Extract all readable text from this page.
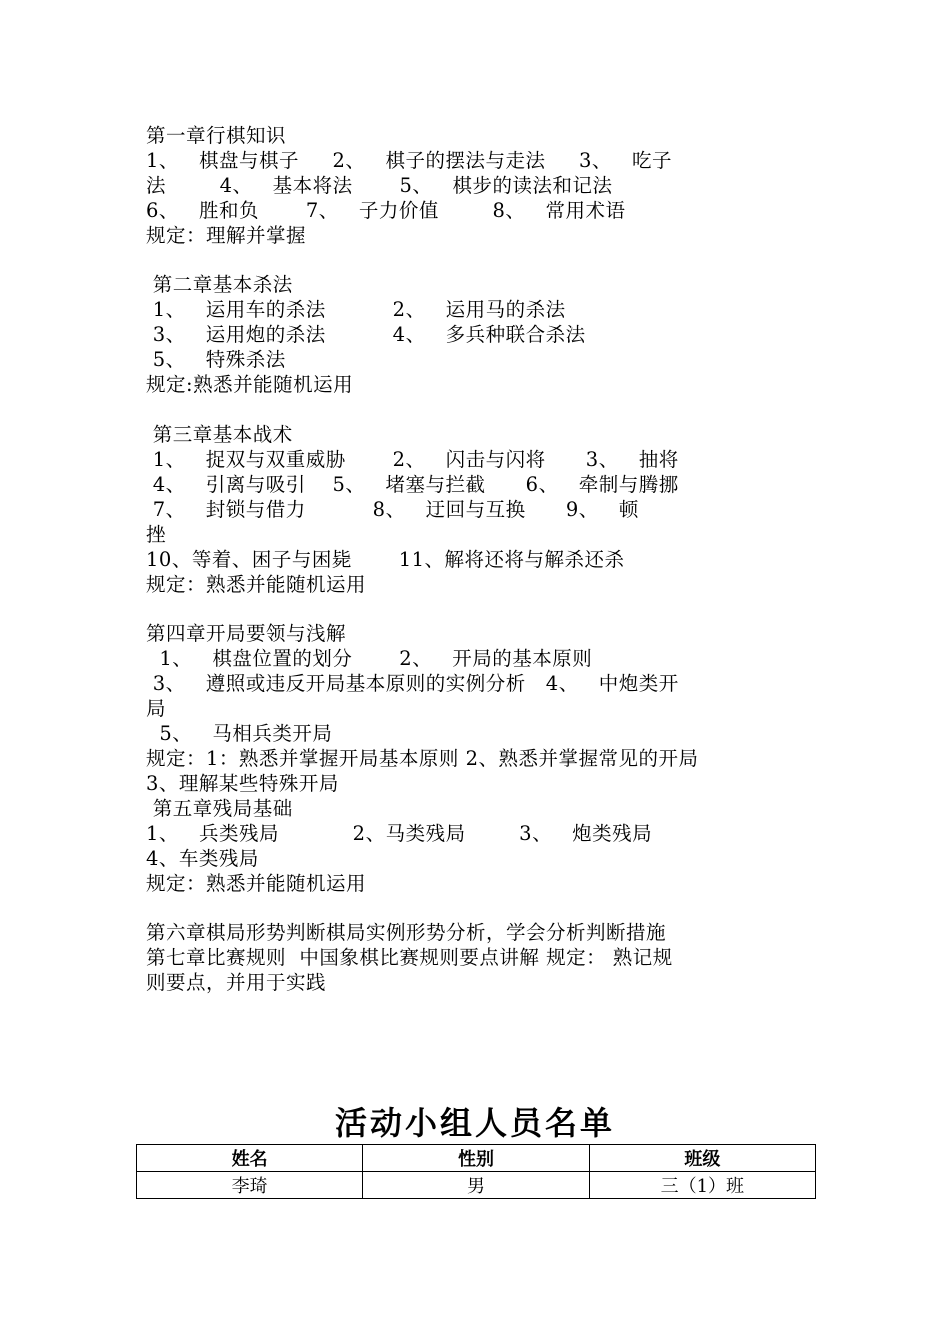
第一章行棋知识
1、   棋盘与棋子     2、   棋子的摆法与走法     3、   吃子
法        4、   基本将法       5、   棋步的读法和记法
6、   胜和负       7、   子力价值        8、   常用术语
规定：理解并掌握
第二章基本杀法
1、   运用车的杀法          2、   运用马的杀法
3、   运用炮的杀法          4、   多兵种联合杀法
5、   特殊杀法
规定:熟悉并能随机运用
第三章基本战术
1、   捉双与双重威胁       2、   闪击与闪将      3、   抽将
4、   引离与吸引    5、   堵塞与拦截      6、   牵制与腾挪
7、   封锁与借力          8、   迂回与互换      9、   顿
挫
10、等着、困子与困毙       11、解将还将与解杀还杀
规定：熟悉并能随机运用
第四章开局要领与浅解
1、   棋盘位置的划分       2、   开局的基本原则
3、   遵照或违反开局基本原则的实例分析   4、   中炮类开
局
5、   马相兵类开局
规定：1：熟悉并掌握开局基本原则 2、熟悉并掌握常见的开局
3、理解某些特殊开局
第五章残局基础
1、   兵类残局           2、马类残局        3、   炮类残局
4、车类残局
规定：熟悉并能随机运用
第六章棋局形势判断棋局实例形势分析，学会分析判断措施
第七章比赛规则  中国象棋比赛规则要点讲解 规定： 熟记规
则要点，并用于实践
活动小组人员名单
姓名	性别	班级
李琦	男	三（1）班
